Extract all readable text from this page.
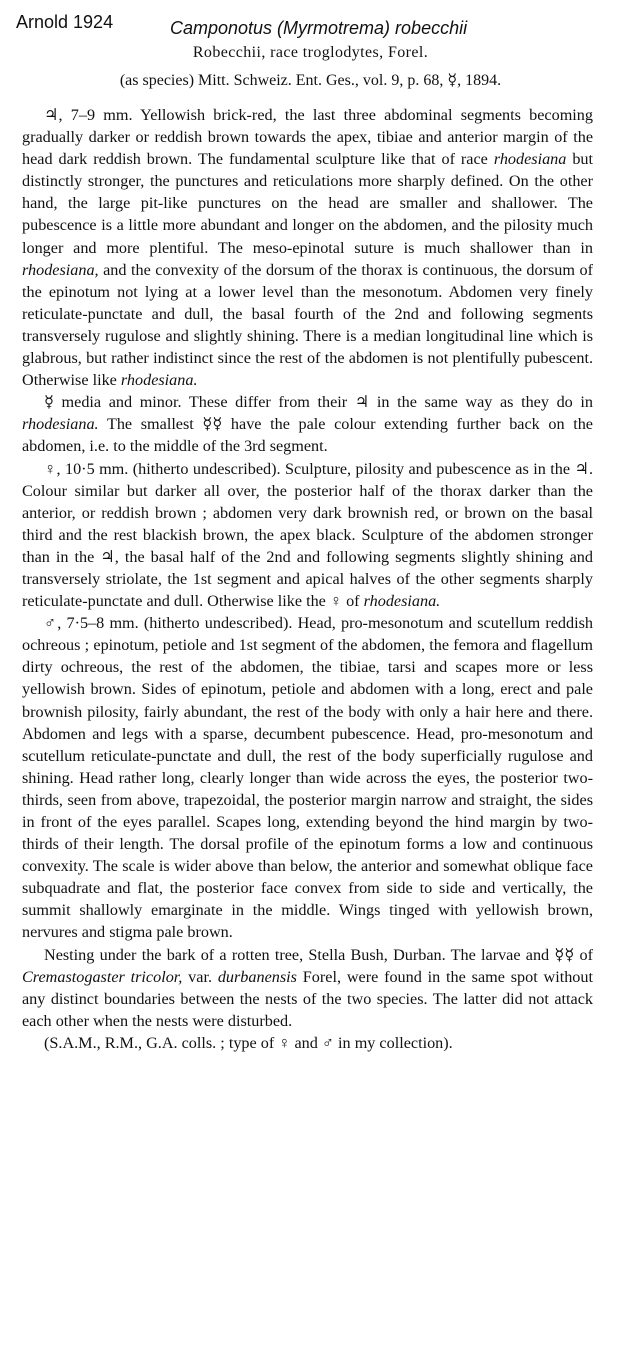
Arnold 1924	Camponotus (Myrmotrema) robecchii
Robecchii, race troglodytes, Forel.
(as species) Mitt. Schweiz. Ent. Ges., vol. 9, p. 68, ☿, 1894.

♃, 7–9 mm. Yellowish brick-red, the last three abdominal segments becoming gradually darker or reddish brown towards the apex, tibiae and anterior margin of the head dark reddish brown. The fundamental sculpture like that of race rhodesiana but distinctly stronger, the punctures and reticulations more sharply defined. On the other hand, the large pit-like punctures on the head are smaller and shallower. The pubescence is a little more abundant and longer on the abdomen, and the pilosity much longer and more plentiful. The meso-epinotal suture is much shallower than in rhodesiana, and the convexity of the dorsum of the thorax is continuous, the dorsum of the epinotum not lying at a lower level than the mesonotum. Abdomen very finely reticulate-punctate and dull, the basal fourth of the 2nd and following segments transversely rugulose and slightly shining. There is a median longitudinal line which is glabrous, but rather indistinct since the rest of the abdomen is not plentifully pubescent. Otherwise like rhodesiana.

☿ media and minor. These differ from their ♃ in the same way as they do in rhodesiana. The smallest ☿☿ have the pale colour extending further back on the abdomen, i.e. to the middle of the 3rd segment.

♀, 10·5 mm. (hitherto undescribed). Sculpture, pilosity and pubescence as in the ♃. Colour similar but darker all over, the posterior half of the thorax darker than the anterior, or reddish brown ; abdomen very dark brownish red, or brown on the basal third and the rest blackish brown, the apex black. Sculpture of the abdomen stronger than in the ♃, the basal half of the 2nd and following segments slightly shining and transversely striolate, the 1st segment and apical halves of the other segments sharply reticulate-punctate and dull. Otherwise like the ♀ of rhodesiana.

♂, 7·5–8 mm. (hitherto undescribed). Head, pro-mesonotum and scutellum reddish ochreous ; epinotum, petiole and 1st segment of the abdomen, the femora and flagellum dirty ochreous, the rest of the abdomen, the tibiae, tarsi and scapes more or less yellowish brown. Sides of epinotum, petiole and abdomen with a long, erect and pale brownish pilosity, fairly abundant, the rest of the body with only a hair here and there. Abdomen and legs with a sparse, decumbent pubescence. Head, pro-mesonotum and scutellum reticulate-punctate and dull, the rest of the body superficially rugulose and shining. Head rather long, clearly longer than wide across the eyes, the posterior two-thirds, seen from above, trapezoidal, the posterior margin narrow and straight, the sides in front of the eyes parallel. Scapes long, extending beyond the hind margin by two-thirds of their length. The dorsal profile of the epinotum forms a low and continuous convexity. The scale is wider above than below, the anterior and somewhat oblique face subquadrate and flat, the posterior face convex from side to side and vertically, the summit shallowly emarginate in the middle. Wings tinged with yellowish brown, nervures and stigma pale brown.

Nesting under the bark of a rotten tree, Stella Bush, Durban. The larvae and ☿☿ of Cremastogaster tricolor, var. durbanensis Forel, were found in the same spot without any distinct boundaries between the nests of the two species. The latter did not attack each other when the nests were disturbed.

(S.A.M., R.M., G.A. colls. ; type of ♀ and ♂ in my collection).
